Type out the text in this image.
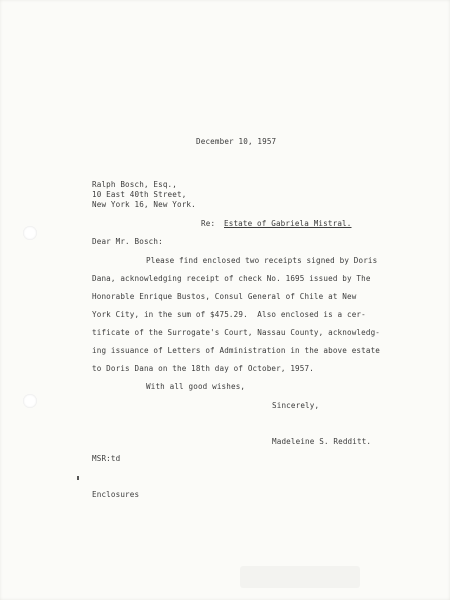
December 10, 1957
Ralph Bosch, Esq.,
10 East 40th Street,
New York 16, New York.
Re: Estate of Gabriela Mistral.
Dear Mr. Bosch:
Please find enclosed two receipts signed by Doris
Dana, acknowledging receipt of check No. 1695 issued by The
Honorable Enrique Bustos, Consul General of Chile at New
York City, in the sum of $475.29.  Also enclosed is a cer-
tificate of the Surrogate's Court, Nassau County, acknowledg-
ing issuance of Letters of Administration in the above estate
to Doris Dana on the 18th day of October, 1957.
With all good wishes,
Sincerely,
Madeleine S. Redditt.
MSR:td
Enclosures
